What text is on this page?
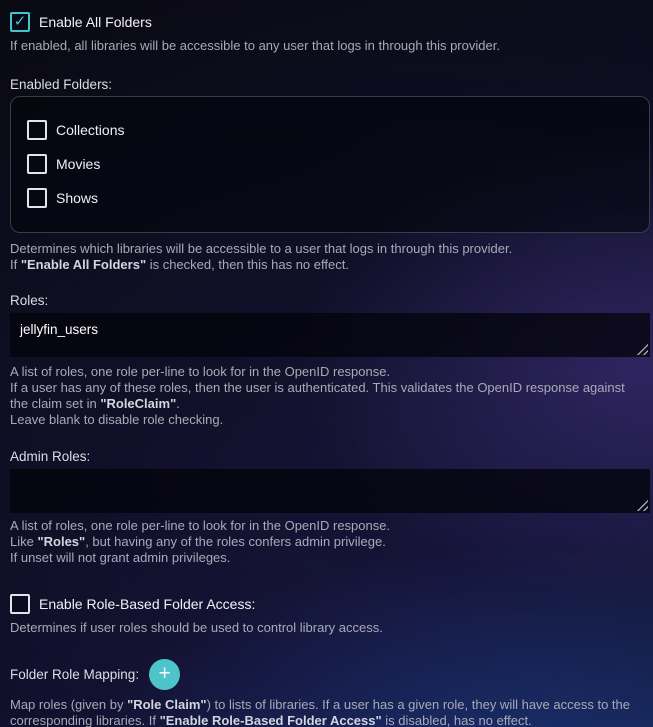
✓ Enable All Folders
If enabled, all libraries will be accessible to any user that logs in through this provider.
Enabled Folders:
Collections
Movies
Shows
Determines which libraries will be accessible to a user that logs in through this provider.
If "Enable All Folders" is checked, then this has no effect.
Roles:
jellyfin_users
A list of roles, one role per-line to look for in the OpenID response.
If a user has any of these roles, then the user is authenticated. This validates the OpenID response against the claim set in "RoleClaim".
Leave blank to disable role checking.
Admin Roles:
A list of roles, one role per-line to look for in the OpenID response.
Like "Roles", but having any of the roles confers admin privilege.
If unset will not grant admin privileges.
Enable Role-Based Folder Access:
Determines if user roles should be used to control library access.
Folder Role Mapping: +
Map roles (given by "Role Claim") to lists of libraries. If a user has a given role, they will have access to the corresponding libraries. If "Enable Role-Based Folder Access" is disabled, has no effect.
